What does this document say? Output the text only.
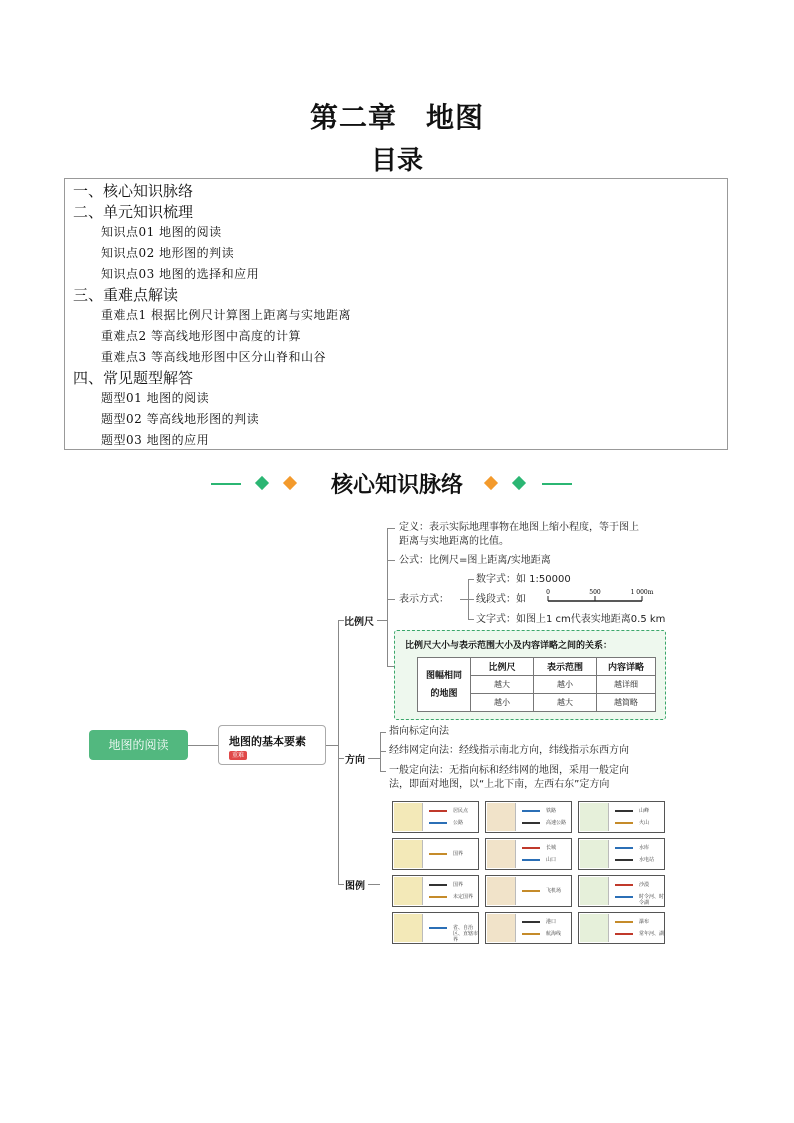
第二章　地图
目录
一、核心知识脉络
二、单元知识梳理
知识点01 地图的阅读
知识点02 地形图的判读
知识点03 地图的选择和应用
三、重难点解读
重难点1 根据比例尺计算图上距离与实地距离
重难点2 等高线地形图中高度的计算
重难点3 等高线地形图中区分山脊和山谷
四、常见题型解答
题型01 地图的阅读
题型02 等高线地形图的判读
题型03 地图的应用
核心知识脉络
地图的阅读	地图的基本要素
重难
比例尺
定义：表示实际地理事物在地图上缩小程度，等于图上
距离与实地距离的比值。
公式：比例尺=图上距离/实地距离
表示方式：
数字式：如 1:50000
线段式：如
0	500	1 000m
文字式：如图上1 cm代表实地距离0.5 km
比例尺大小与表示范围大小及内容详略之间的关系：
图幅相同
的地图	比例尺	表示范围	内容详略
	越大	越小	越详细
	越小	越大	越简略
方向
指向标定向法
经纬网定向法：经线指示南北方向，纬线指示东西方向
一般定向法：无指向标和经纬网的地图，采用一般定向
法，即面对地图，以“上北下南，左西右东”定方向
图例
居民点
公路
铁路
高速公路
山峰
火山
国界
长城
山口
水库
水电站
国界
未定国界
飞机场
沙漠
时令河、时令湖
省、自治区、直辖市界
港口
航海线
瀑布
常年河、湖
